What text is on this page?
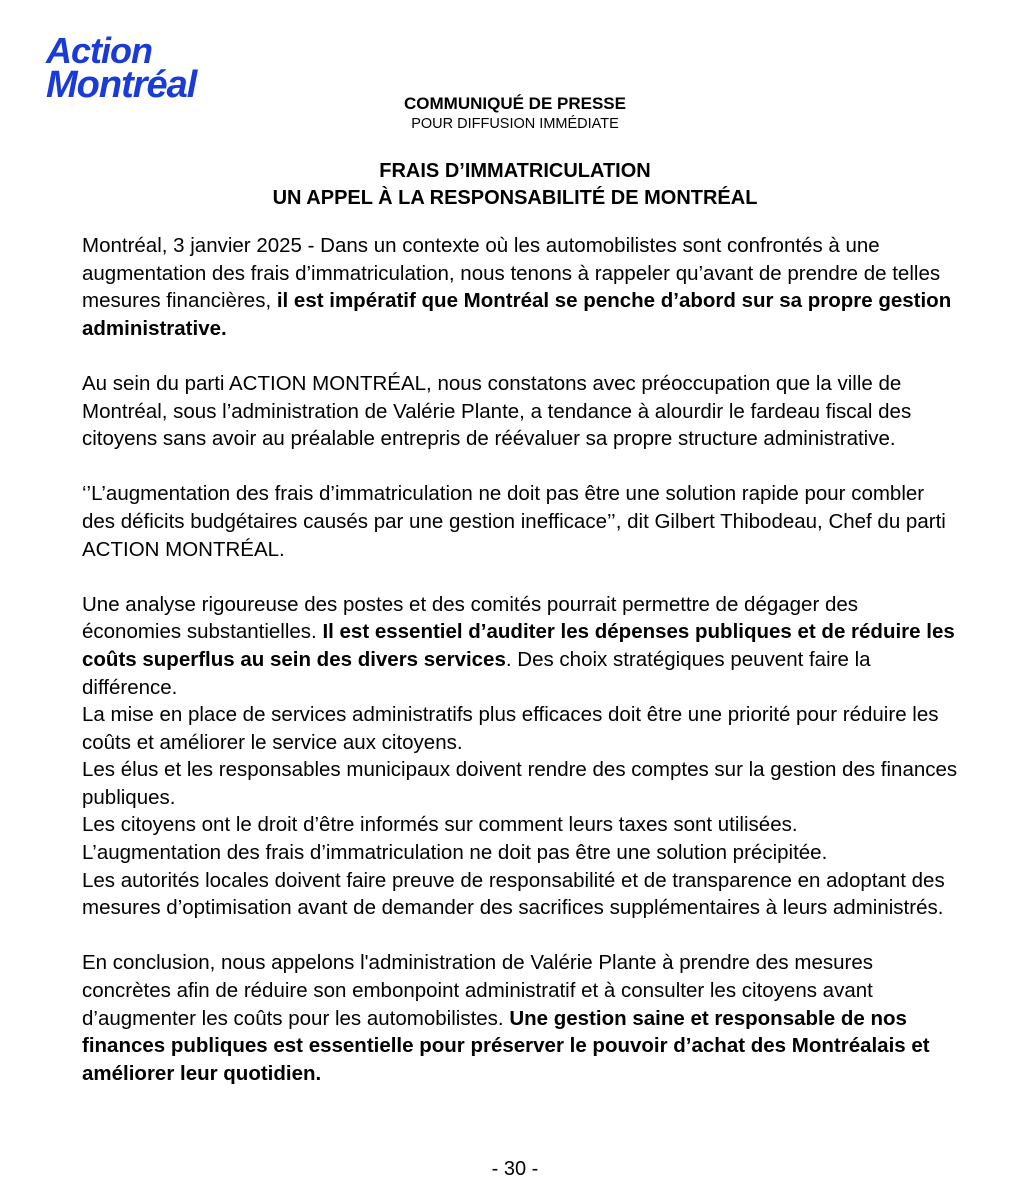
Action
Montréal	COMMUNIQUÉ DE PRESSE
POUR DIFFUSION IMMÉDIATE
FRAIS D’IMMATRICULATION
UN APPEL À LA RESPONSABILITÉ DE MONTRÉAL

Montréal, 3 janvier 2025 - Dans un contexte où les automobilistes sont confrontés à une augmentation des frais d’immatriculation, nous tenons à rappeler qu’avant de prendre de telles mesures financières, il est impératif que Montréal se penche d’abord sur sa propre gestion administrative.

Au sein du parti ACTION MONTRÉAL, nous constatons avec préoccupation que la ville de Montréal, sous l’administration de Valérie Plante, a tendance à alourdir le fardeau fiscal des citoyens sans avoir au préalable entrepris de réévaluer sa propre structure administrative.

‘’L’augmentation des frais d’immatriculation ne doit pas être une solution rapide pour combler des déficits budgétaires causés par une gestion inefficace’’, dit Gilbert Thibodeau, Chef du parti ACTION MONTRÉAL.

Une analyse rigoureuse des postes et des comités pourrait permettre de dégager des économies substantielles. Il est essentiel d’auditer les dépenses publiques et de réduire les coûts superflus au sein des divers services. Des choix stratégiques peuvent faire la différence.

La mise en place de services administratifs plus efficaces doit être une priorité pour réduire les coûts et améliorer le service aux citoyens.

Les élus et les responsables municipaux doivent rendre des comptes sur la gestion des finances publiques.

Les citoyens ont le droit d’être informés sur comment leurs taxes sont utilisées.

L’augmentation des frais d’immatriculation ne doit pas être une solution précipitée.

Les autorités locales doivent faire preuve de responsabilité et de transparence en adoptant des mesures d’optimisation avant de demander des sacrifices supplémentaires à leurs administrés.

En conclusion, nous appelons l'administration de Valérie Plante à prendre des mesures concrètes afin de réduire son embonpoint administratif et à consulter les citoyens avant d’augmenter les coûts pour les automobilistes. Une gestion saine et responsable de nos finances publiques est essentielle pour préserver le pouvoir d’achat des Montréalais et améliorer leur quotidien.

- 30 -
